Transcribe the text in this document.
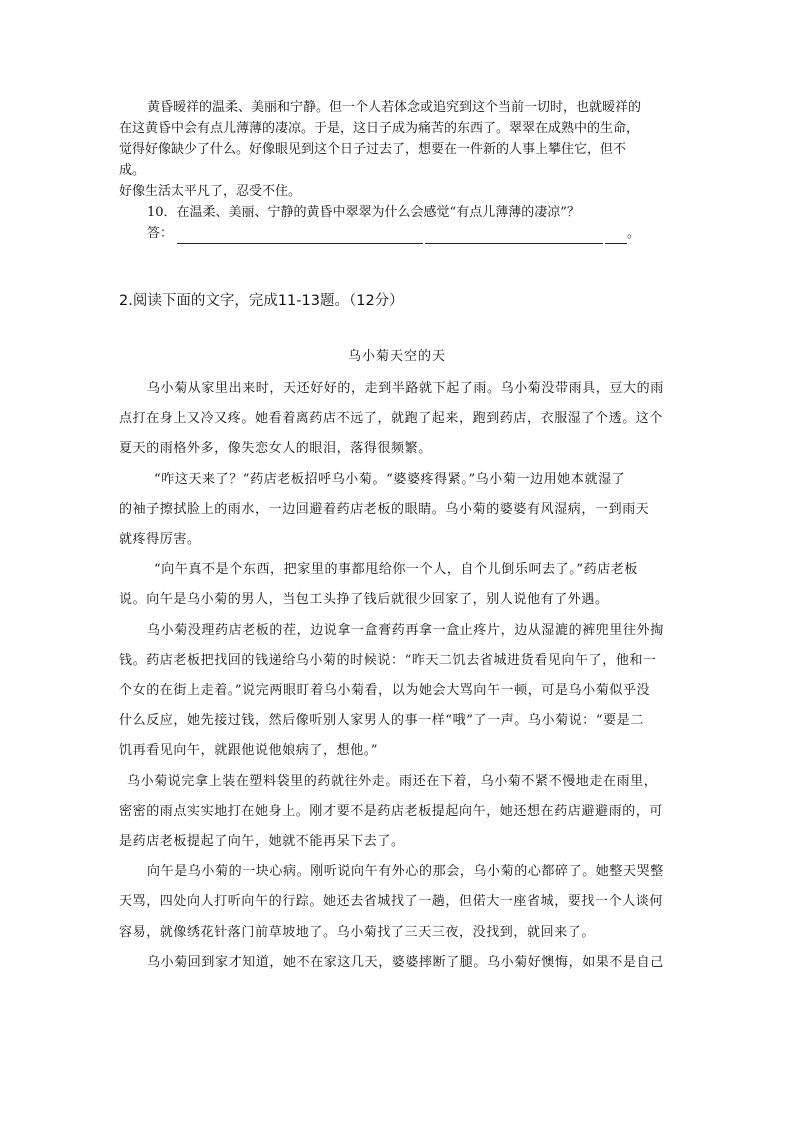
黄昏暧祥的温柔、美丽和宁静。但一个人若体念或追究到这个当前一切时，也就暧祥的

在这黄昏中会有点儿薄薄的凄凉。于是，这日子成为痛苦的东西了。翠翠在成熟中的生命，

觉得好像缺少了什么。好像眼见到这个日子过去了，想要在一件新的人事上攀住它，但不

成。

好像生活太平凡了，忍受不住。

10．在温柔、美丽、宁静的黄昏中翠翠为什么会感觉“有点儿薄薄的凄凉”？

答：	。
2.阅读下面的文字，完成11-13题。（12分）
乌小菊天空的天

乌小菊从家里出来时，天还好好的，走到半路就下起了雨。乌小菊没带雨具，豆大的雨

点打在身上又冷又疼。她看着离药店不远了，就跑了起来，跑到药店，衣服湿了个透。这个

夏天的雨格外多，像失恋女人的眼泪，落得很频繁。

“咋这天来了？”药店老板招呼乌小菊。“婆婆疼得紧。”乌小菊一边用她本就湿了

的袖子擦拭脸上的雨水，一边回避着药店老板的眼睛。乌小菊的婆婆有风湿病，一到雨天

就疼得厉害。

“向午真不是个东西，把家里的事都甩给你一个人，自个儿倒乐呵去了。”药店老板

说。向午是乌小菊的男人，当包工头挣了钱后就很少回家了，别人说他有了外遇。

乌小菊没理药店老板的茬，边说拿一盒膏药再拿一盒止疼片，边从湿漉的裤兜里往外掏

钱。药店老板把找回的钱递给乌小菊的时候说：“昨天二饥去省城进货看见向午了，他和一

个女的在街上走着。”说完两眼盯着乌小菊看，以为她会大骂向午一顿，可是乌小菊似乎没

什么反应，她先接过钱，然后像听别人家男人的事一样“哦”了一声。乌小菊说：“要是二

饥再看见向午，就跟他说他娘病了，想他。”

乌小菊说完拿上装在塑料袋里的药就往外走。雨还在下着，乌小菊不紧不慢地走在雨里，

密密的雨点实实地打在她身上。刚才要不是药店老板提起向午，她还想在药店避避雨的，可

是药店老板提起了向午，她就不能再呆下去了。

向午是乌小菊的一块心病。刚听说向午有外心的那会，乌小菊的心都碎了。她整天哭整

天骂，四处向人打听向午的行踪。她还去省城找了一趟，但偌大一座省城，要找一个人谈何

容易，就像绣花针落门前草坡地了。乌小菊找了三天三夜，没找到，就回来了。

乌小菊回到家才知道，她不在家这几天，婆婆摔断了腿。乌小菊好懊悔，如果不是自己
